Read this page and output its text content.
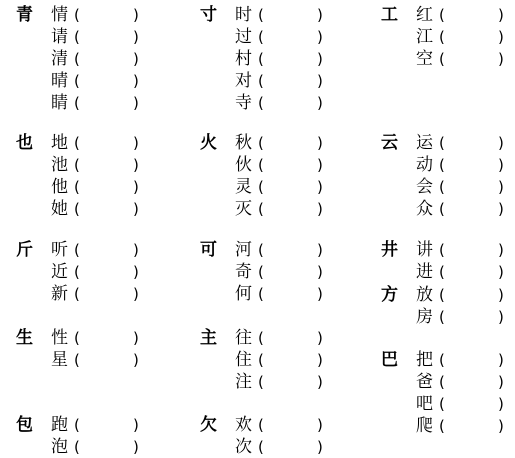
青 情 (	)
请 (	)
清 (	)
晴 (	)
睛 (	)
寸 时 (	)
过 (	)
村 (	)
对 (	)
寺 (	)
工 红 (	)
江 (	)
空 (	)
也 地 (	)
池 (	)
他 (	)
她 (	)
火 秋 (	)
伙 (	)
灵 (	)
灭 (	)
云 运 (	)
动 (	)
会 (	)
众 (	)
斤 听 (	)
近 (	)
新 (	)
可 河 (	)
奇 (	)
何 (	)
井 讲 (	)
进 (	)
方 放 (	)
房 (	)
生 性 (	)
星 (	)
主 往 (	)
住 (	)
注 (	)
巴 把 (	)
爸 (	)
吧 (	)
爬 (	)
包 跑 (	)
泡 (	)
欠 欢 (	)
次 (	)
